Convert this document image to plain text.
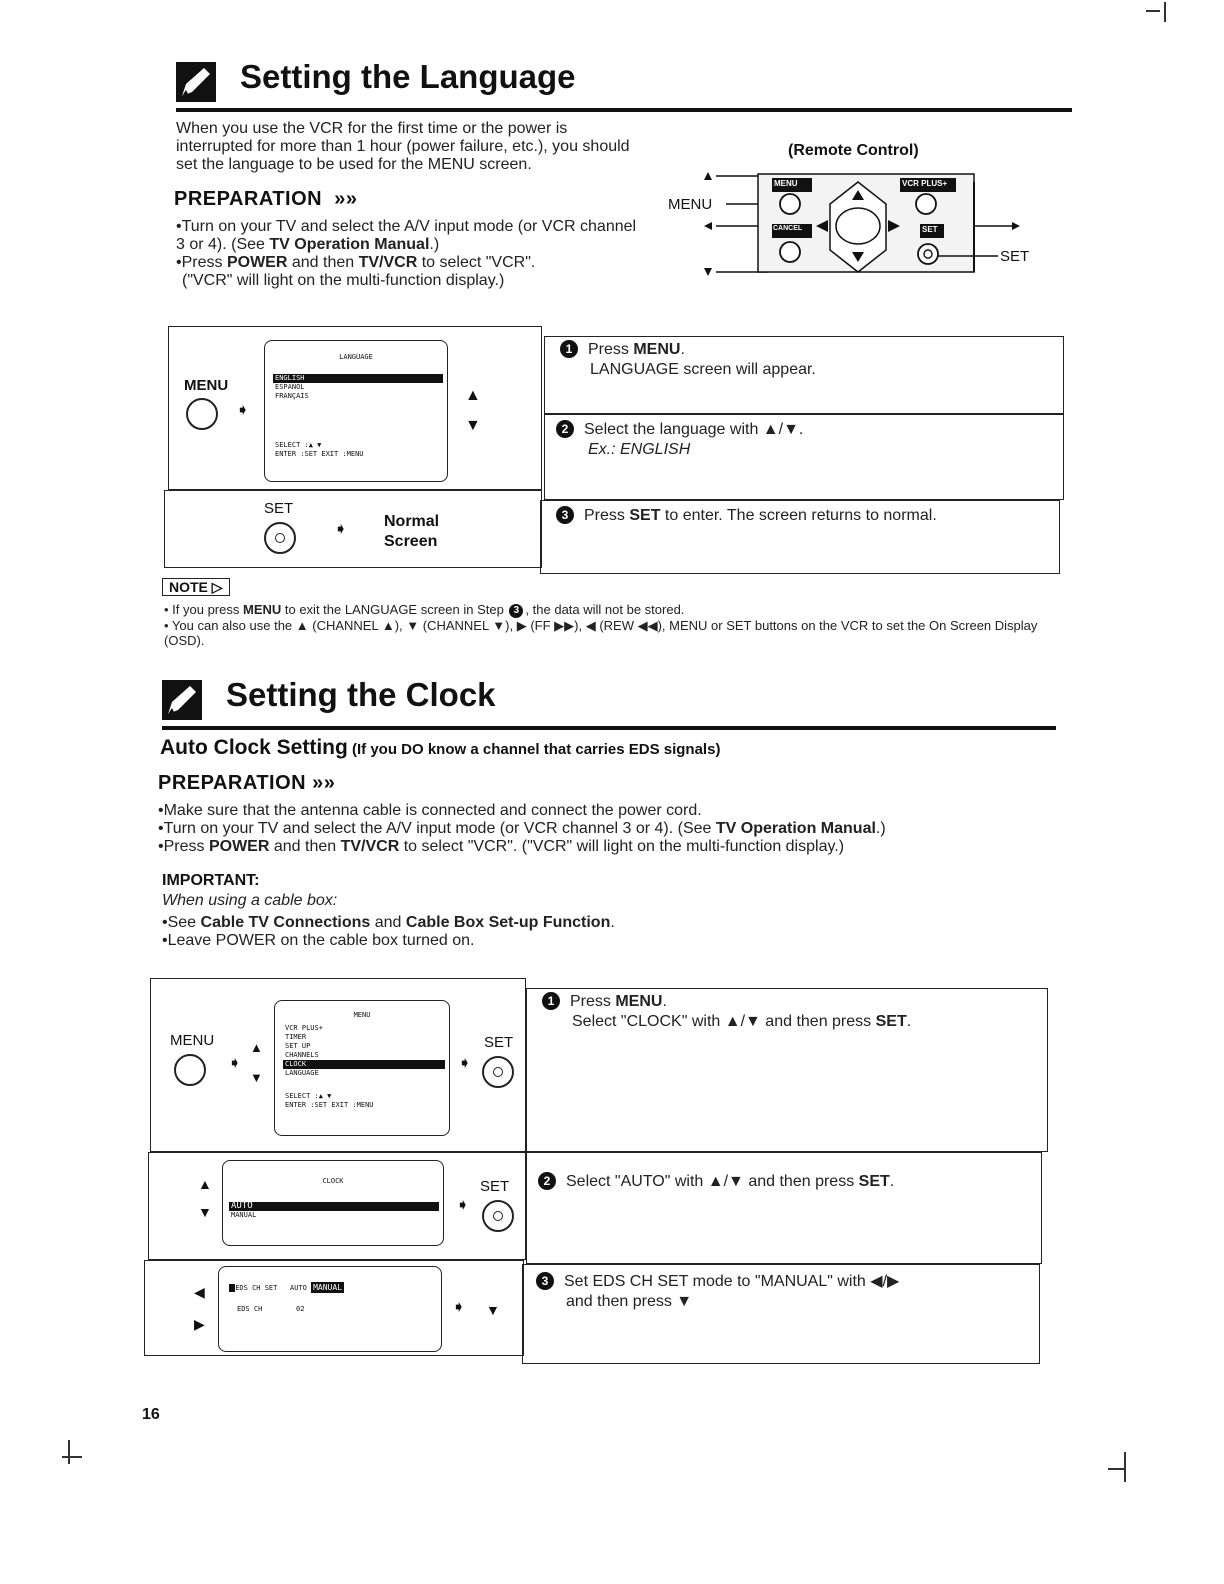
Setting the Language
When you use the VCR for the first time or the power is interrupted for more than 1 hour (power failure, etc.), you should set the language to be used for the MENU screen.
PREPARATION  »»
•Turn on your TV and select the A/V input mode (or VCR channel 3 or 4). (See TV Operation Manual.)
•Press POWER and then TV/VCR to select "VCR".
("VCR" will light on the multi-function display.)
(Remote Control)
MENU
SET
MENU	VCR PLUS+
CANCEL	SET
MENU
➧
LANGUAGE
ENGLISH
ESPAÑOL
FRANÇAIS
SELECT :▲ ▼
ENTER :SET EXIT :MENU
▲
▼
SET
➧ Normal
Screen
1 Press MENU.
LANGUAGE screen will appear.
2 Select the language with ▲/▼.
Ex.: ENGLISH
3 Press SET to enter. The screen returns to normal.
NOTE ▷
• If you press MENU to exit the LANGUAGE screen in Step 3 , the data will not be stored.
• You can also use the ▲ (CHANNEL ▲), ▼ (CHANNEL ▼), ▶ (FF ▶▶), ◀ (REW ◀◀), MENU or SET buttons on the VCR to set the On Screen Display (OSD).
Setting the Clock
Auto Clock Setting (If you DO know a channel that carries EDS signals)
PREPARATION »»
•Make sure that the antenna cable is connected and connect the power cord.
•Turn on your TV and select the A/V input mode (or VCR channel 3 or 4). (See TV Operation Manual.)
•Press POWER and then TV/VCR to select "VCR". ("VCR" will light on the multi-function display.)
IMPORTANT:
When using a cable box:
•See Cable TV Connections and Cable Box Set-up Function.
•Leave POWER on the cable box turned on.
MENU
➧
▲
▼
MENU
VCR PLUS+
TIMER
SET UP
CHANNELS
CLOCK
LANGUAGE
SELECT :▲ ▼
ENTER :SET EXIT :MENU
➧
SET
▲
▼
CLOCK
AUTO
MANUAL
➧
SET
◀
▶
EDS CH SET AUTO MANUAL
EDS CH	02	➧ ▼
1 Press MENU.
Select "CLOCK" with ▲/▼ and then press SET.
2 Select "AUTO" with ▲/▼ and then press SET.
3 Set EDS CH SET mode to "MANUAL" with ◀/▶
and then press ▼
16
